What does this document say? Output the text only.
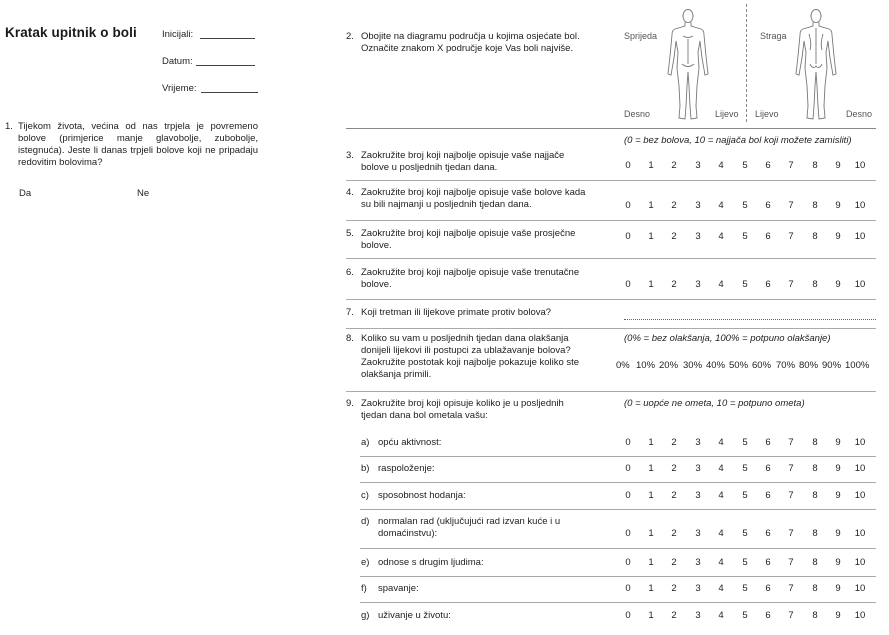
Kratak upitnik o boli	Inicijali:
Datum:
Vrijeme:
1. Tijekom života, većina od nas trpjela je povremeno bolove (primjerice manje glavobolje, zubobolje, istegnuća). Jeste li danas trpjeli bolove koji ne pripadaju redovitim bolovima?
Da	Ne
2. Obojite na diagramu područja u kojima osjećate bol.
Označite znakom X područje koje Vas boli najviše.
Sprijeda	Straga
Desno	Lijevo Lijevo	Desno
(0 = bez bolova, 10 = najjača bol koji možete zamisliti)
3. Zaokružite broj koji najbolje opisuje vaše najjače
bolove u posljednih tjedan dana.	0	1	2	3	4	5	6	7	8	9	10
4. Zaokružite broj koji najbolje opisuje vaše bolove kada
su bili najmanji u posljednih tjedan dana.	0	1	2	3	4	5	6	7	8	9	10
5. Zaokružite broj koji najbolje opisuje vaše prosječne
bolove.
0	1	2	3	4	5	6	7	8	9	10
6. Zaokružite broj koji najbolje opisuje vaše trenutačne
bolove.	0	1	2	3	4	5	6	7	8	9	10
7. Koji tretman ili lijekove primate protiv bolova?
8. Koliko su vam u posljednih tjedan dana olakšanja
donijeli lijekovi ili postupci za ublažavanje bolova?
Zaokružite postotak koji najbolje pokazuje koliko ste
olakšanja primili.
(0% = bez olakšanja, 100% = potpuno olakšanje)
0% 10% 20% 30% 40% 50% 60% 70% 80% 90% 100%
9. Zaokružite broj koji opisuje koliko je u posljednih
tjedan dana bol ometala vašu:
(0 = uopće ne ometa, 10 = potpuno ometa)
a) opću aktivnost:	0	1	2	3	4	5	6	7	8	9	10
b) raspoloženje:	0	1	2	3	4	5	6	7	8	9	10
c) sposobnost hodanja:	0	1	2	3	4	5	6	7	8	9	10
d) normalan rad (uključujući rad izvan kuće i u
domaćinstvu):	0	1	2	3	4	5	6	7	8	9	10
e) odnose s drugim ljudima:	0	1	2	3	4	5	6	7	8	9	10
f) spavanje:	0	1	2	3	4	5	6	7	8	9	10
g) uživanje u životu:	0	1	2	3	4	5	6	7	8	9	10
